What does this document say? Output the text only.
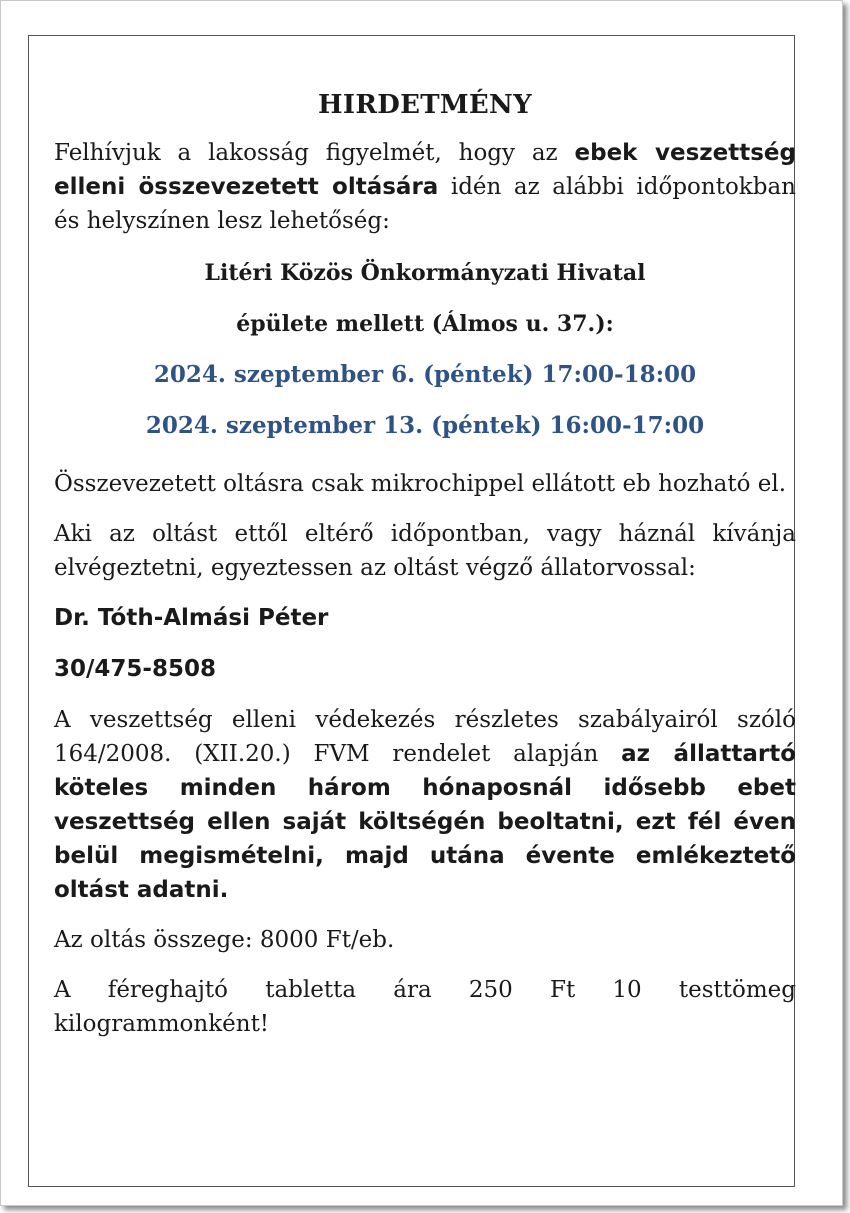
HIRDETMÉNY

Felhívjuk a lakosság figyelmét, hogy az ebek veszettség elleni összevezetett oltására idén az alábbi időpontokban és helyszínen lesz lehetőség:

Litéri Közös Önkormányzati Hivatal

épülete mellett (Álmos u. 37.):

2024. szeptember 6. (péntek) 17:00-18:00

2024. szeptember 13. (péntek) 16:00-17:00

Összevezetett oltásra csak mikrochippel ellátott eb hozható el.

Aki az oltást ettől eltérő időpontban, vagy háznál kívánja elvégeztetni, egyeztessen az oltást végző állatorvossal:

Dr. Tóth-Almási Péter

30/475-8508

A veszettség elleni védekezés részletes szabályairól szóló 164/2008. (XII.20.) FVM rendelet alapján az állattartó köteles minden három hónaposnál idősebb ebet veszettség ellen saját költségén beoltatni, ezt fél éven belül megismételni, majd utána évente emlékeztető oltást adatni.

Az oltás összege: 8000 Ft/eb.

A féreghajtó tabletta ára 250 Ft 10 testtömeg kilogrammonként!
